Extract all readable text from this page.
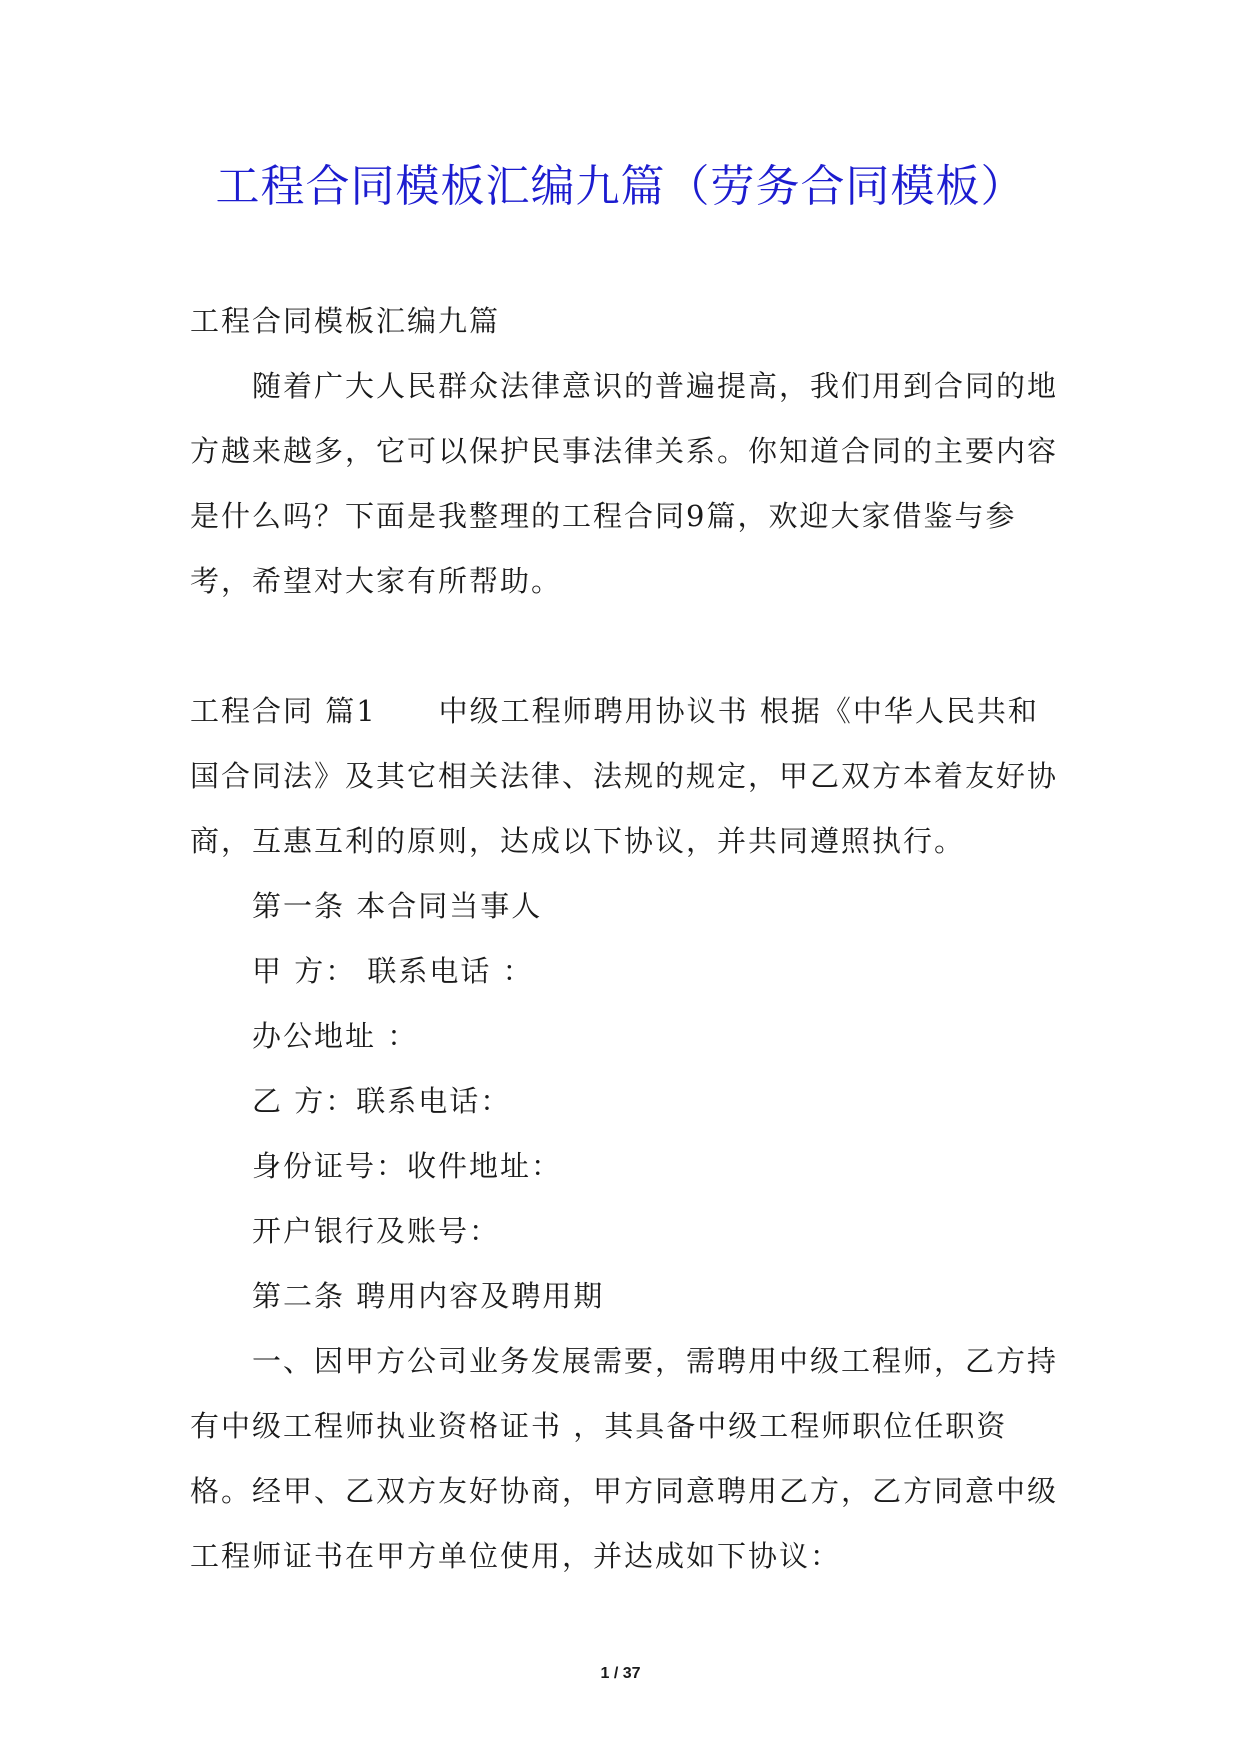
工程合同模板汇编九篇（劳务合同模板）

工程合同模板汇编九篇

随着广大人民群众法律意识的普遍提高，我们用到合同的地方越来越多，它可以保护民事法律关系。你知道合同的主要内容是什么吗？下面是我整理的工程合同9篇，欢迎大家借鉴与参考，希望对大家有所帮助。

工程合同 篇1　　中级工程师聘用协议书 根据《中华人民共和国合同法》及其它相关法律、法规的规定，甲乙双方本着友好协商，互惠互利的原则，达成以下协议，并共同遵照执行。

第一条 本合同当事人

甲 方： 联系电话 ：

办公地址 ：

乙 方：联系电话：

身份证号：收件地址：

开户银行及账号：

第二条 聘用内容及聘用期

一、因甲方公司业务发展需要，需聘用中级工程师，乙方持有中级工程师执业资格证书 ，其具备中级工程师职位任职资格。经甲、乙双方友好协商，甲方同意聘用乙方，乙方同意中级工程师证书在甲方单位使用，并达成如下协议：

1 / 37
